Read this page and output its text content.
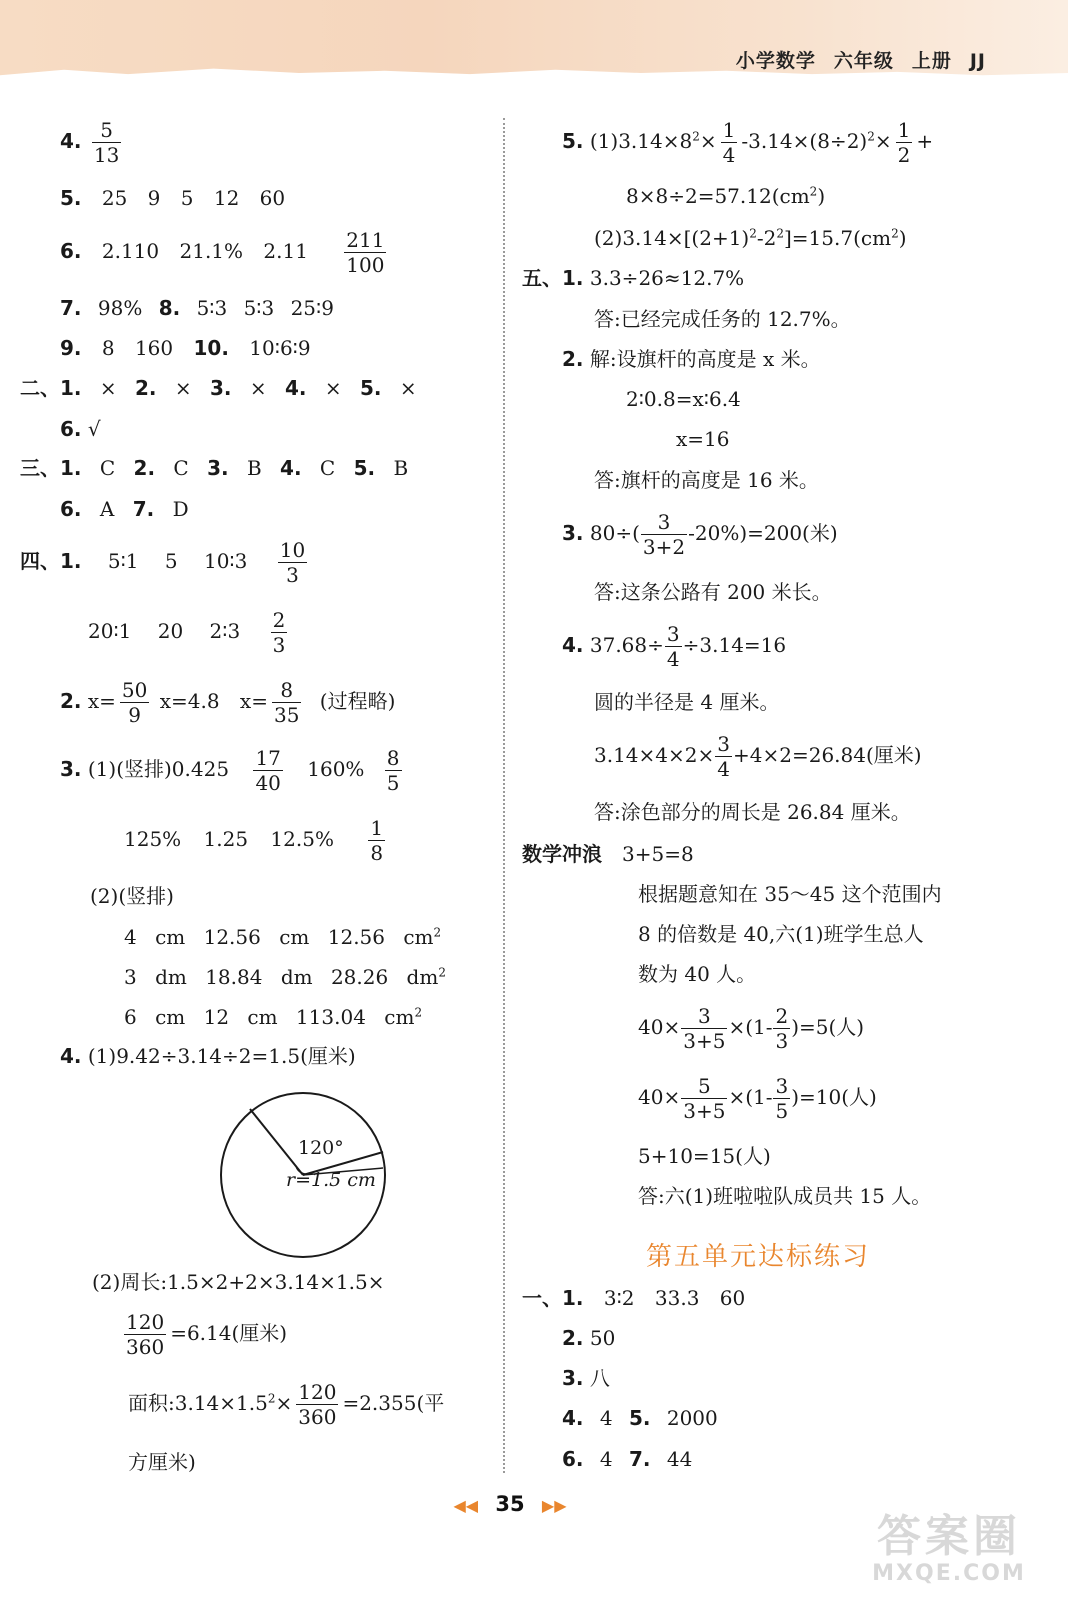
小学数学 六年级 上册 JJ
4. $\frac{5}{13}$
5. 25 9 5 12 60
6. 2.110 21.1% $2.11 \frac{211}{100}$
7. 98% 8. 5∶3 5∶3 25∶9
9. 8 160 10. 10∶6∶9
二、1. × 2. × 3. × 4. × 5. ×
6. √
三、1. C 2. C 3. B 4. C 5. B
6. A 7. D
四、1. 5∶1 5 10∶3 $\frac{10}{3}$
20∶1 20 2∶3 $\frac{2}{3}$
2. $x= \frac{50}{9} x=4.8$ $x= \frac{8}{35}$ (过程略)
3. (1)(竖排)$0.425 \frac{17}{40} 160\% \frac{8}{5}$
125% 1.25 $12.5\% \frac{1}{8}$
(2)(竖排)
4 cm 12.56 cm 12.56 $cm^2$
3 dm 18.84 dm 28.26 $dm^2$
6 cm 12 cm 113.04 $cm^2$
4. (1)9.42÷3.14÷2=1.5(厘米)
120°
r=1.5 cm
(2)周长:1.5×2+2×3.14×1.5×
$\frac{120}{360} =6.14$(厘米)
面积$:3.14\times 1.5^2\times \frac{120}{360} =2.355$(平
方厘米)
5. $(1)3.14\times 8^2\times \frac{1}{4} -3.14\times(8\div 2)^2\times \frac{1}{2}$ +
$8\times 8\div 2=57.12(cm^2)$
$(2)3.14\times[(2+1)^2-2^2]=15.7(cm^2)$
五、1. 3.3÷26≈12.7%
答:已经完成任务的 12.7%。
2. 解:设旗杆的高度是 x 米。
2∶0.8=x∶6.4
x=16
答:旗杆的高度是 16 米。
3. $80\div( \frac{3}{3+2} -20\%)=200$(米)
答:这条公路有 200 米长。
4. $37.68\div \frac{3}{4} \div 3.14=16$
圆的半径是 4 厘米。
$3.14\times 4\times 2\times \frac{3}{4} +4\times 2=26.84$(厘米)
答:涂色部分的周长是 26.84 厘米。
数学冲浪 3+5=8
根据题意知在 35～45 这个范围内
8 的倍数是 40,六(1)班学生总人
数为 40 人。
$40\times \frac{3}{3+5} \times(1- \frac{2}{3} )=5$(人)
$40\times \frac{5}{3+5} \times(1- \frac{3}{5} )=10$(人)
5+10=15(人)
答:六(1)班啦啦队成员共 15 人。
第五单元达标练习
一、1. 3∶2 33.3 60
2. 50
3. 八
4. 4 5. 2000
6. 4 7. 44
◀◀ 35 ▶▶
答案圈
MXQE.COM
